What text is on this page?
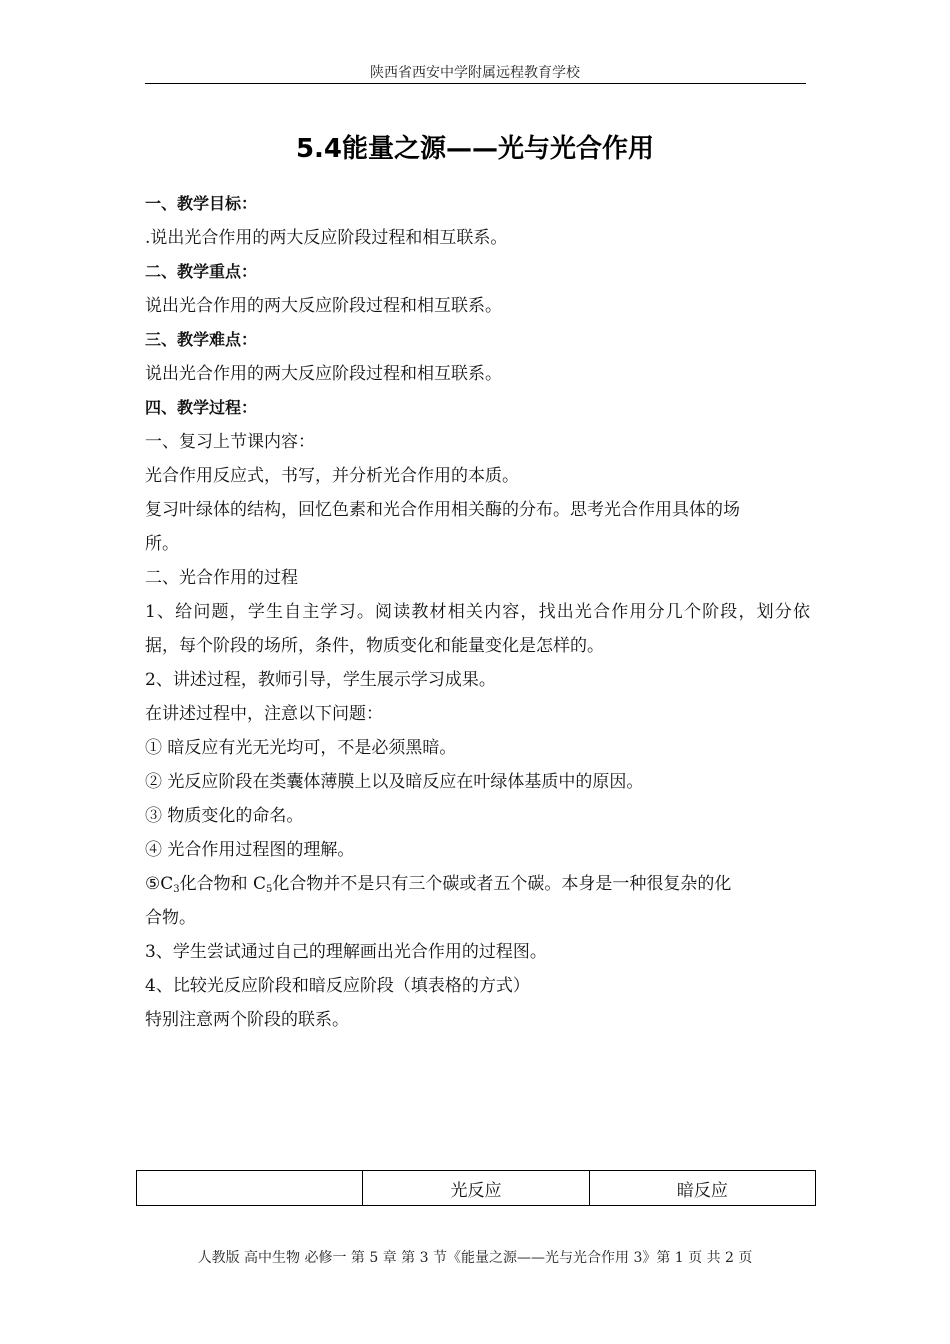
陕西省西安中学附属远程教育学校
5.4能量之源——光与光合作用
一、教学目标：
.说出光合作用的两大反应阶段过程和相互联系。
二、教学重点：
说出光合作用的两大反应阶段过程和相互联系。
三、教学难点：
说出光合作用的两大反应阶段过程和相互联系。
四、教学过程：
一、复习上节课内容：
光合作用反应式，书写，并分析光合作用的本质。
复习叶绿体的结构，回忆色素和光合作用相关酶的分布。思考光合作用具体的场
所。
二、光合作用的过程
1、给问题，学生自主学习。阅读教材相关内容，找出光合作用分几个阶段，划分依
据，每个阶段的场所，条件，物质变化和能量变化是怎样的。
2、讲述过程，教师引导，学生展示学习成果。
在讲述过程中，注意以下问题：
① 暗反应有光无光均可，不是必须黑暗。
② 光反应阶段在类囊体薄膜上以及暗反应在叶绿体基质中的原因。
③ 物质变化的命名。
④ 光合作用过程图的理解。
$⑤C_3$化合物和 $C_5$化合物并不是只有三个碳或者五个碳。本身是一种很复杂的化
合物。
3、学生尝试通过自己的理解画出光合作用的过程图。
4、比较光反应阶段和暗反应阶段（填表格的方式）
特别注意两个阶段的联系。
	光反应	暗反应
人教版 高中生物 必修一 第 5 章 第 3 节《能量之源——光与光合作用 3》第 1 页 共 2 页
